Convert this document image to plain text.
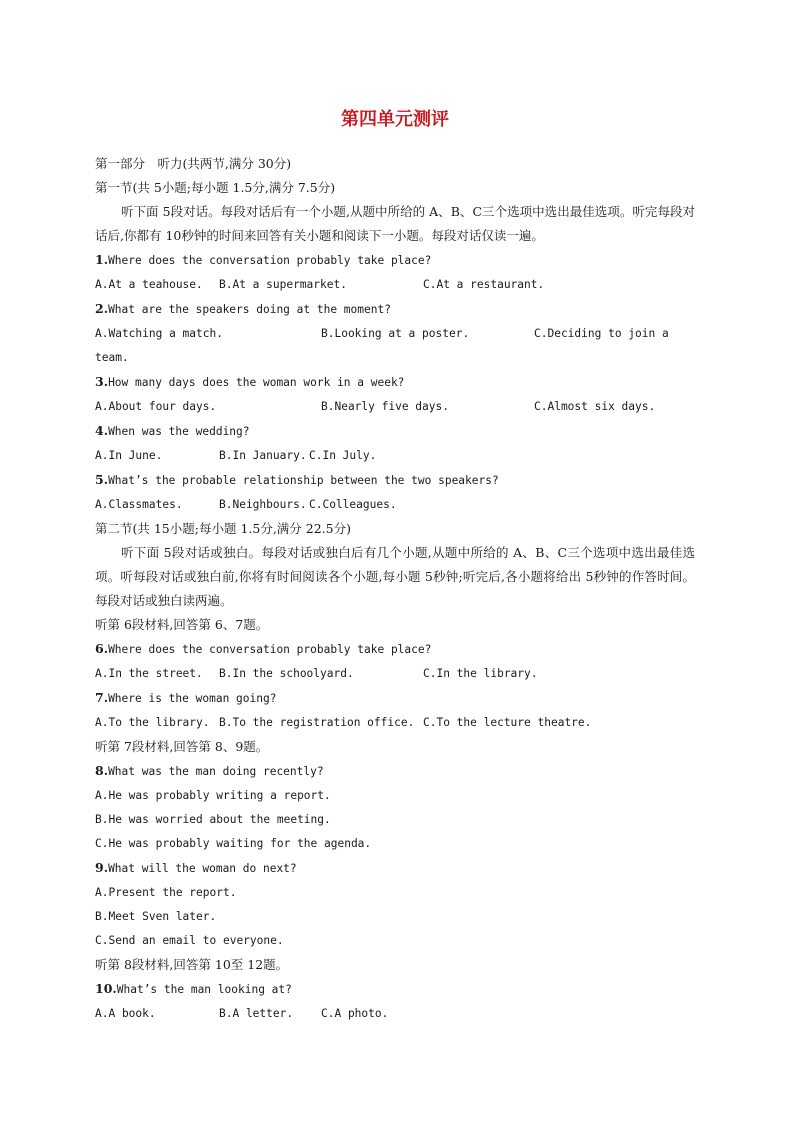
第四单元测评
第一部分　听力(共两节,满分 30分)
第一节(共 5小题;每小题 1.5分,满分 7.5分)
听下面 5段对话。每段对话后有一个小题,从题中所给的 A、B、C三个选项中选出最佳选项。听完每段对话后,你都有 10秒钟的时间来回答有关小题和阅读下一小题。每段对话仅读一遍。
1.Where does the conversation probably take place?
A.At a teahouse.	B.At a supermarket.	C.At a restaurant.
2.What are the speakers doing at the moment?
A.Watching a match.	B.Looking at a poster.	C.Deciding to join a
team.
3.How many days does the woman work in a week?
A.About four days.	B.Nearly five days.	C.Almost six days.
4.When was the wedding?
A.In June.	B.In January. C.In July.
5.What’s the probable relationship between the two speakers?
A.Classmates.	B.Neighbours. C.Colleagues.
第二节(共 15小题;每小题 1.5分,满分 22.5分)
听下面 5段对话或独白。每段对话或独白后有几个小题,从题中所给的 A、B、C三个选项中选出最佳选项。听每段对话或独白前,你将有时间阅读各个小题,每小题 5秒钟;听完后,各小题将给出 5秒钟的作答时间。每段对话或独白读两遍。
听第 6段材料,回答第 6、7题。
6.Where does the conversation probably take place?
A.In the street.	B.In the schoolyard.	C.In the library.
7.Where is the woman going?
A.To the library. B.To the registration office. C.To the lecture theatre.
听第 7段材料,回答第 8、9题。
8.What was the man doing recently?
A.He was probably writing a report.
B.He was worried about the meeting.
C.He was probably waiting for the agenda.
9.What will the woman do next?
A.Present the report.
B.Meet Sven later.
C.Send an email to everyone.
听第 8段材料,回答第 10至 12题。
10.What’s the man looking at?
A.A book.	B.A letter.	C.A photo.
